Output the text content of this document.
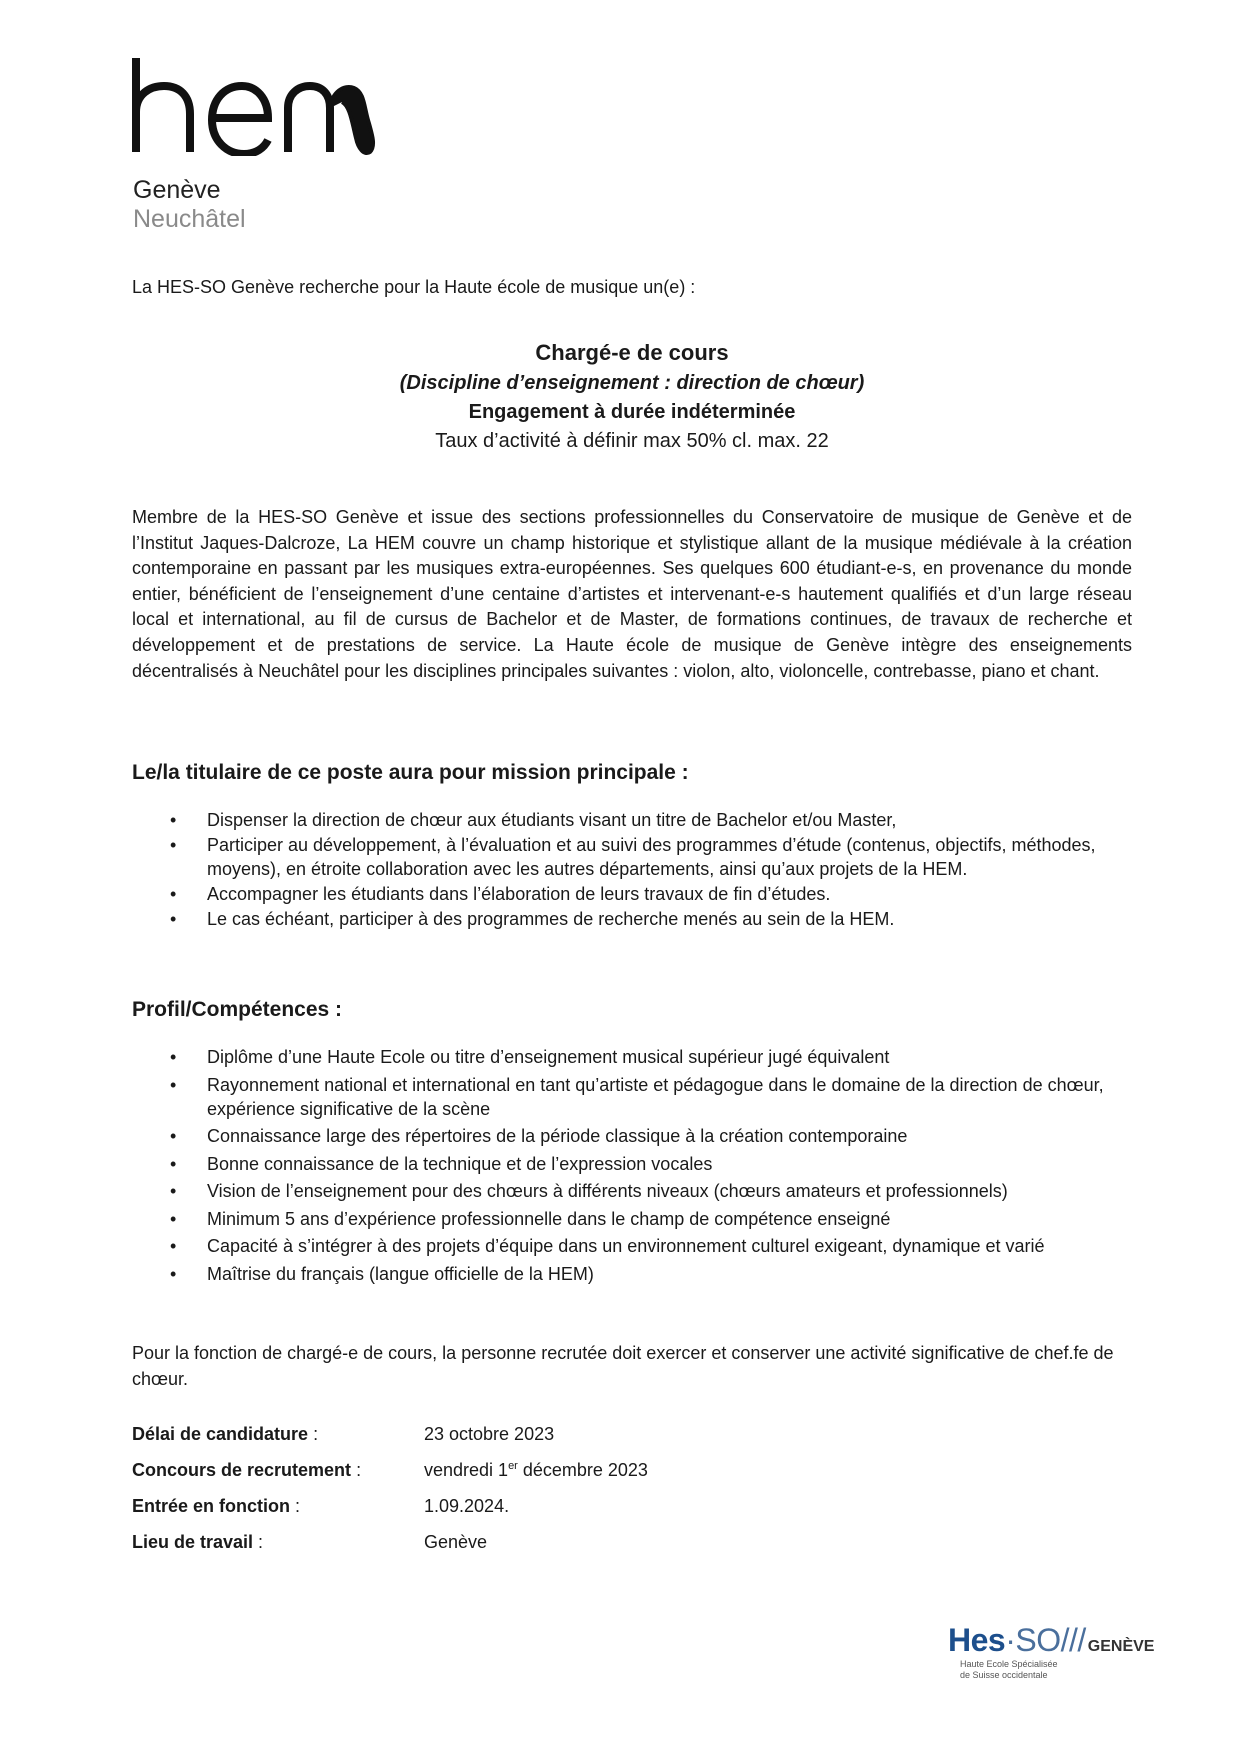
Genève
Neuchâtel
La HES-SO Genève recherche pour la Haute école de musique un(e) :

Chargé-e de cours

(Discipline d’enseignement : direction de chœur)

Engagement à durée indéterminée

Taux d’activité à définir max 50% cl. max. 22

Membre de la HES-SO Genève et issue des sections professionnelles du Conservatoire de musique de Genève et de l’Institut Jaques-Dalcroze, La HEM couvre un champ historique et stylistique allant de la musique médiévale à la création contemporaine en passant par les musiques extra-européennes. Ses quelques 600 étudiant-e-s, en provenance du monde entier, bénéficient de l’enseignement d’une centaine d’artistes et intervenant-e-s hautement qualifiés et d’un large réseau local et international, au fil de cursus de Bachelor et de Master, de formations continues, de travaux de recherche et développement et de prestations de service. La Haute école de musique de Genève intègre des enseignements décentralisés à Neuchâtel pour les disciplines principales suivantes : violon, alto, violoncelle, contrebasse, piano et chant.

Le/la titulaire de ce poste aura pour mission principale :
• Dispenser la direction de chœur aux étudiants visant un titre de Bachelor et/ou Master,
• Participer au développement, à l’évaluation et au suivi des programmes d’étude (contenus, objectifs, méthodes, moyens), en étroite collaboration avec les autres départements, ainsi qu’aux projets de la HEM.
• Accompagner les étudiants dans l’élaboration de leurs travaux de fin d’études.
• Le cas échéant, participer à des programmes de recherche menés au sein de la HEM.
Profil/Compétences :
• Diplôme d’une Haute Ecole ou titre d’enseignement musical supérieur jugé équivalent
• Rayonnement national et international en tant qu’artiste et pédagogue dans le domaine de la direction de chœur, expérience significative de la scène
• Connaissance large des répertoires de la période classique à la création contemporaine
• Bonne connaissance de la technique et de l’expression vocales
• Vision de l’enseignement pour des chœurs à différents niveaux (chœurs amateurs et professionnels)
• Minimum 5 ans d’expérience professionnelle dans le champ de compétence enseigné
• Capacité à s’intégrer à des projets d’équipe dans un environnement culturel exigeant, dynamique et varié
• Maîtrise du français (langue officielle de la HEM)

Pour la fonction de chargé-e de cours, la personne recrutée doit exercer et conserver une activité significative de chef.fe de chœur.

Délai de candidature :	23 octobre 2023
Concours de recrutement :	vendredi 1er décembre 2023
Entrée en fonction :	1.09.2024.
Lieu de travail :	Genève
Hes·SO/// GENÈVE
Haute Ecole Spécialisée
de Suisse occidentale
